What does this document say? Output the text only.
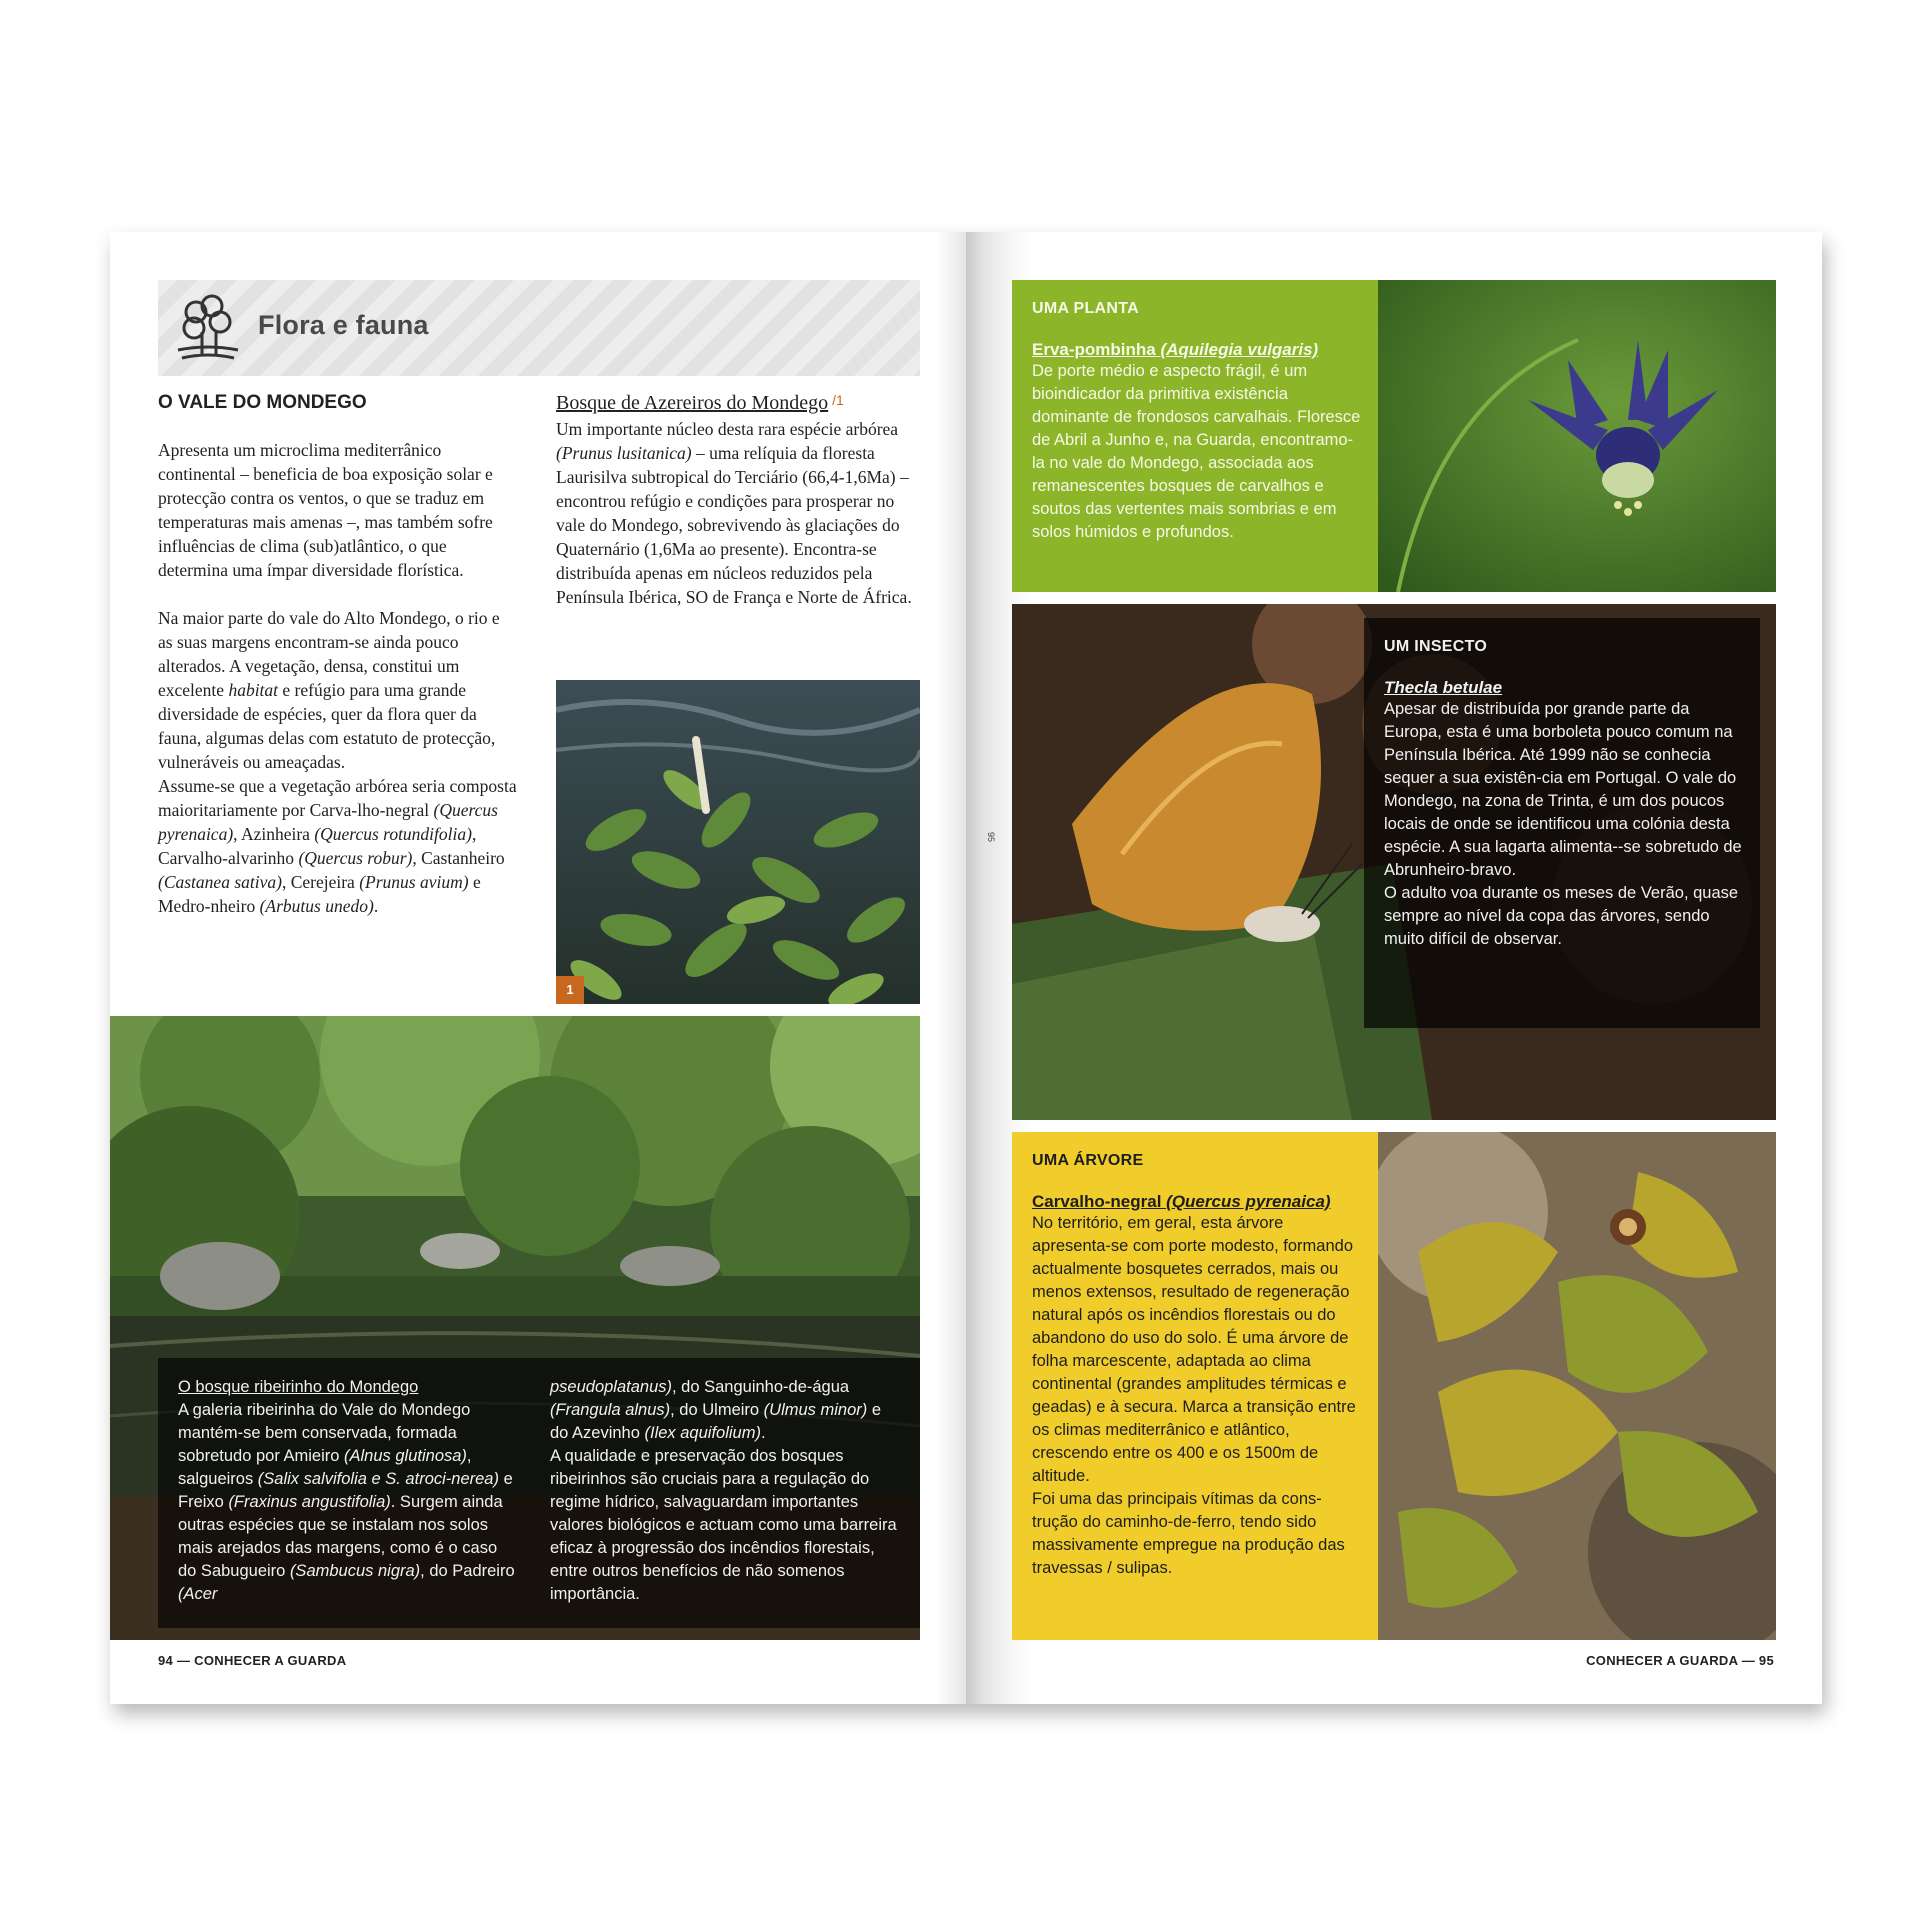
Flora e fauna
O VALE DO MONDEGO

Apresenta um microclima mediterrânico continental – beneficia de boa exposição solar e protecção contra os ventos, o que se traduz em temperaturas mais amenas –, mas também sofre influências de clima (sub)atlântico, o que determina uma ímpar diversidade florística.

Na maior parte do vale do Alto Mondego, o rio e as suas margens encontram-se ainda pouco alterados. A vegetação, densa, constitui um excelente habitat e refúgio para uma grande diversidade de espécies, quer da flora quer da fauna, algumas delas com estatuto de protecção, vulneráveis ou ameaçadas.

Assume-se que a vegetação arbórea seria composta maioritariamente por Carva-lho-negral (Quercus pyrenaica), Azinheira (Quercus rotundifolia), Carvalho-alvarinho (Quercus robur), Castanheiro (Castanea sativa), Cerejeira (Prunus avium) e Medro-nheiro (Arbutus unedo).

Bosque de Azereiros do Mondego /1

Um importante núcleo desta rara espécie arbórea (Prunus lusitanica) – uma relíquia da floresta Laurisilva subtropical do Terciário (66,4-1,6Ma) – encontrou refúgio e condições para prosperar no vale do Mondego, sobrevivendo às glaciações do Quaternário (1,6Ma ao presente). Encontra-se distribuída apenas em núcleos reduzidos pela Península Ibérica, SO de França e Norte de África.

1

O bosque ribeirinho do Mondego

A galeria ribeirinha do Vale do Mondego mantém-se bem conservada, formada sobretudo por Amieiro (Alnus glutinosa), salgueiros (Salix salvifolia e S. atroci-nerea) e Freixo (Fraxinus angustifolia). Surgem ainda outras espécies que se instalam nos solos mais arejados das margens, como é o caso do Sabugueiro (Sambucus nigra), do Padreiro (Acer

pseudoplatanus), do Sanguinho-de-água (Frangula alnus), do Ulmeiro (Ulmus minor) e do Azevinho (Ilex aquifolium).

A qualidade e preservação dos bosques ribeirinhos são cruciais para a regulação do regime hídrico, salvaguardam importantes valores biológicos e actuam como uma barreira eficaz à progressão dos incêndios florestais, entre outros benefícios de não somenos importância.

94 — CONHECER A GUARDA
95

UMA PLANTA

Erva-pombinha (Aquilegia vulgaris)

De porte médio e aspecto frágil, é um bioindicador da primitiva existência dominante de frondosos carvalhais. Floresce de Abril a Junho e, na Guarda, encontramo-la no vale do Mondego, associada aos remanescentes bosques de carvalhos e soutos das vertentes mais sombrias e em solos húmidos e profundos.

UM INSECTO

Thecla betulae

Apesar de distribuída por grande parte da Europa, esta é uma borboleta pouco comum na Península Ibérica. Até 1999 não se conhecia sequer a sua existên-cia em Portugal. O vale do Mondego, na zona de Trinta, é um dos poucos locais de onde se identificou uma colónia desta espécie. A sua lagarta alimenta--se sobretudo de Abrunheiro-bravo.

O adulto voa durante os meses de Verão, quase sempre ao nível da copa das árvores, sendo muito difícil de observar.

UMA ÁRVORE

Carvalho-negral (Quercus pyrenaica)

No território, em geral, esta árvore apresenta-se com porte modesto, formando actualmente bosquetes cerrados, mais ou menos extensos, resultado de regeneração natural após os incêndios florestais ou do abandono do uso do solo. É uma árvore de folha marcescente, adaptada ao clima continental (grandes amplitudes térmicas e geadas) e à secura. Marca a transição entre os climas mediterrânico e atlântico, crescendo entre os 400 e os 1500m de altitude.

Foi uma das principais vítimas da cons-trução do caminho-de-ferro, tendo sido massivamente empregue na produção das travessas / sulipas.

CONHECER A GUARDA — 95
